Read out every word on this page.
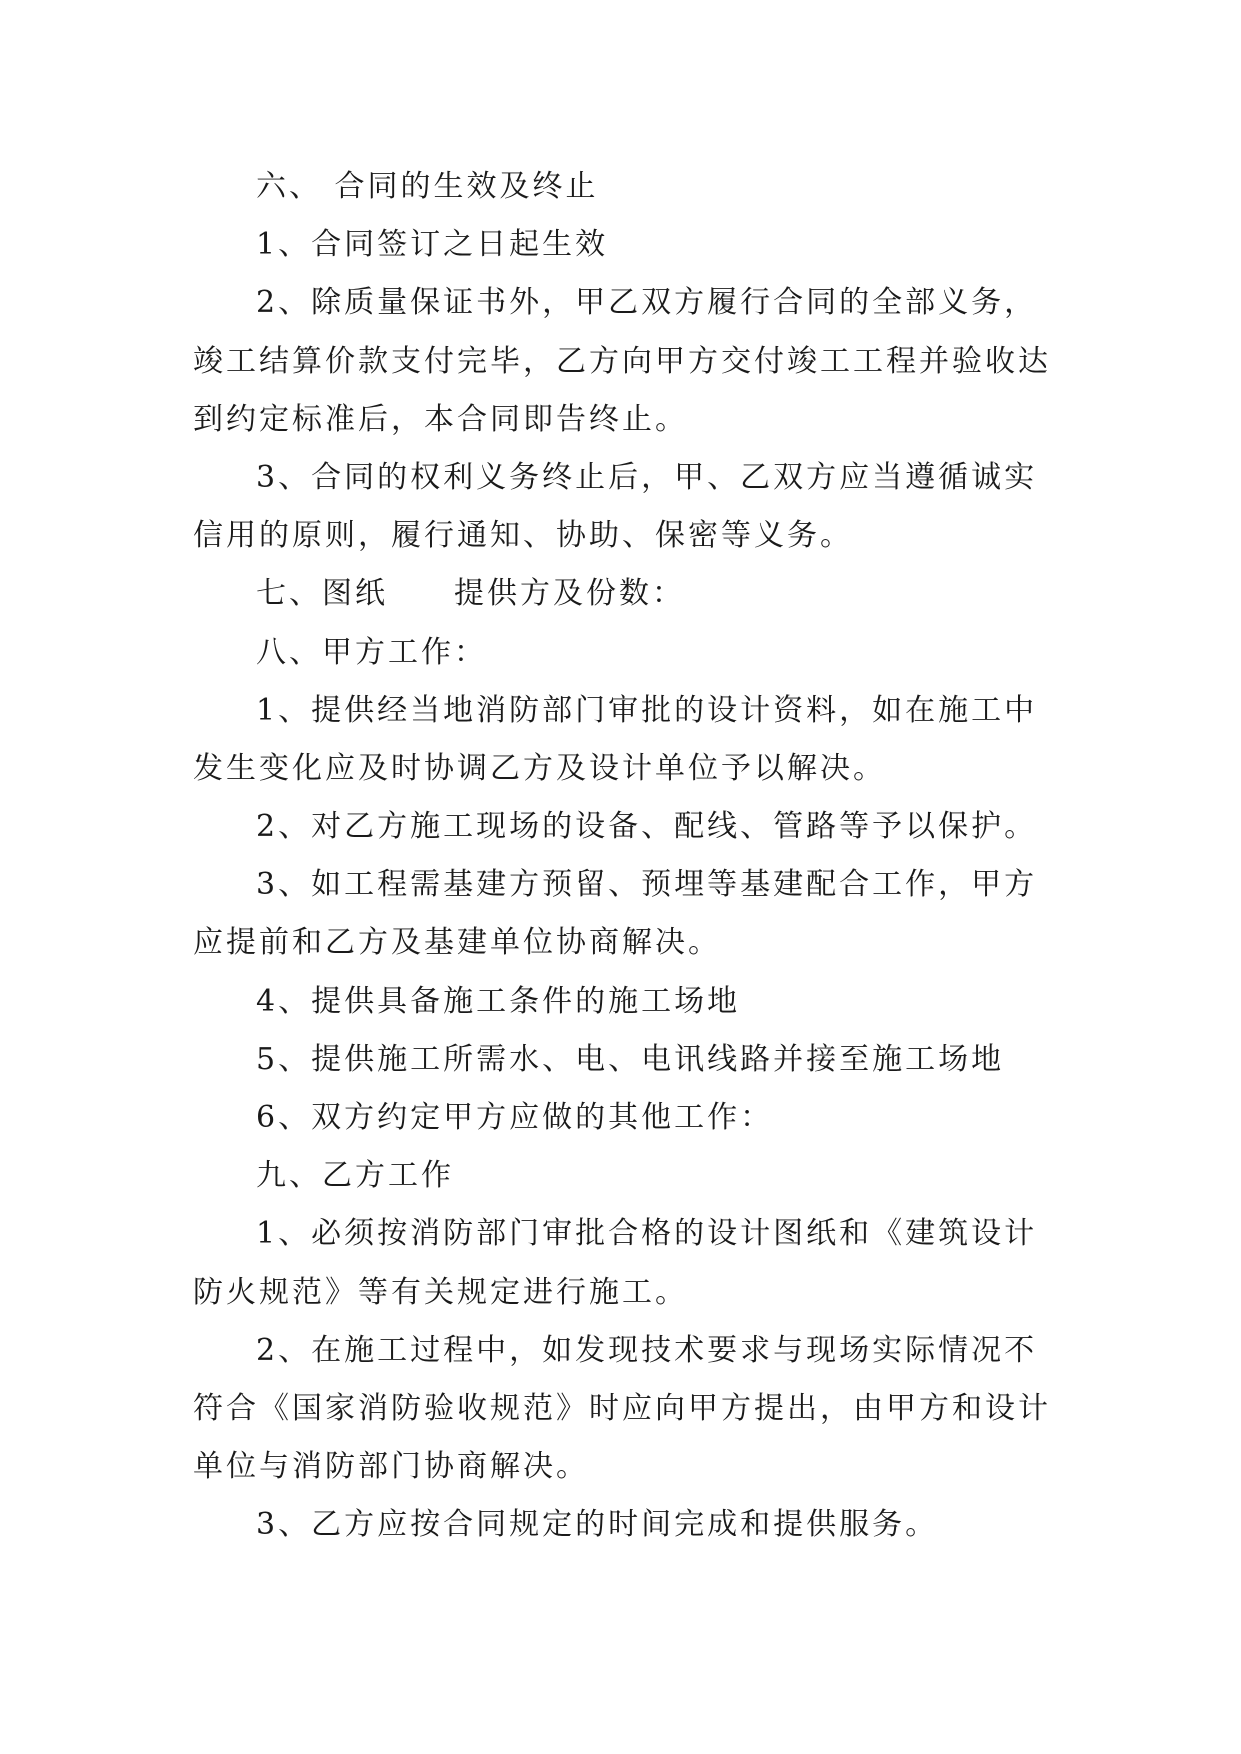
六、 合同的生效及终止
1、合同签订之日起生效
2、除质量保证书外，甲乙双方履行合同的全部义务，
竣工结算价款支付完毕，乙方向甲方交付竣工工程并验收达
到约定标准后，本合同即告终止。
3、合同的权利义务终止后，甲、乙双方应当遵循诚实
信用的原则，履行通知、协助、保密等义务。
七、图纸　　提供方及份数：
八、甲方工作：
1、提供经当地消防部门审批的设计资料，如在施工中
发生变化应及时协调乙方及设计单位予以解决。
2、对乙方施工现场的设备、配线、管路等予以保护。
3、如工程需基建方预留、预埋等基建配合工作，甲方
应提前和乙方及基建单位协商解决。
4、提供具备施工条件的施工场地
5、提供施工所需水、电、电讯线路并接至施工场地
6、双方约定甲方应做的其他工作：
九、乙方工作
1、必须按消防部门审批合格的设计图纸和《建筑设计
防火规范》等有关规定进行施工。
2、在施工过程中，如发现技术要求与现场实际情况不
符合《国家消防验收规范》时应向甲方提出，由甲方和设计
单位与消防部门协商解决。
3、乙方应按合同规定的时间完成和提供服务。
